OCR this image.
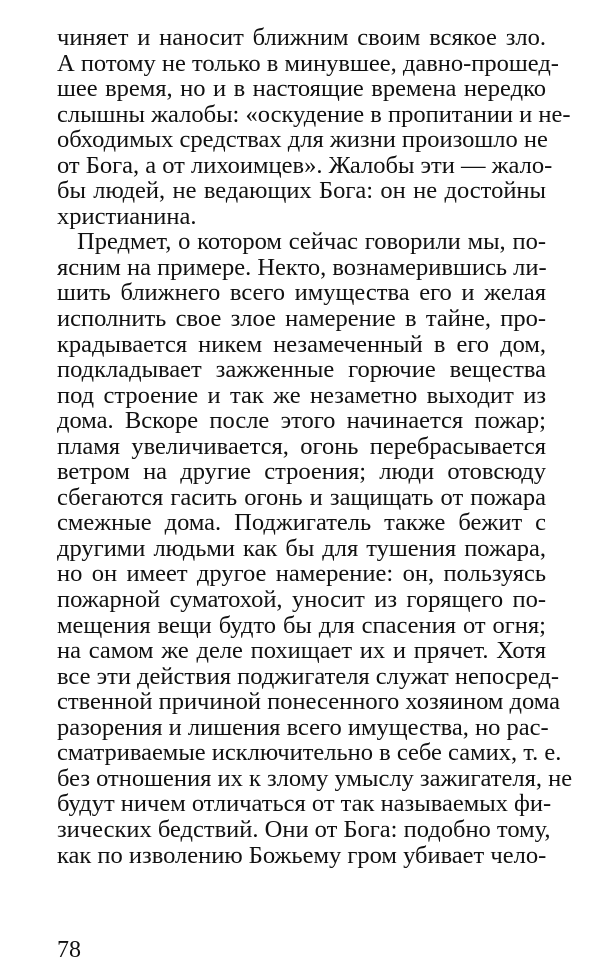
чиняет и наносит ближним своим всякое зло.
А потому не только в минувшее, давно-прошед-
шее время, но и в настоящие времена нередко
слышны жалобы: «оскудение в пропитании и не-
обходимых средствах для жизни произошло не
от Бога, а от лихоимцев». Жалобы эти — жало-
бы людей, не ведающих Бога: он не достойны
христианина.
Предмет, о котором сейчас говорили мы, по-
ясним на примере. Некто, вознамерившись ли-
шить ближнего всего имущества его и желая
исполнить свое злое намерение в тайне, про-
крадывается никем незамеченный в его дом,
подкладывает зажженные горючие вещества
под строение и так же незаметно выходит из
дома. Вскоре после этого начинается пожар;
пламя увеличивается, огонь перебрасывается
ветром на другие строения; люди отовсюду
сбегаются гасить огонь и защищать от пожара
смежные дома. Поджигатель также бежит с
другими людьми как бы для тушения пожара,
но он имеет другое намерение: он, пользуясь
пожарной суматохой, уносит из горящего по-
мещения вещи будто бы для спасения от огня;
на самом же деле похищает их и прячет. Хотя
все эти действия поджигателя служат непосред-
ственной причиной понесенного хозяином дома
разорения и лишения всего имущества, но рас-
сматриваемые исключительно в себе самих, т. е.
без отношения их к злому умыслу зажигателя, не
будут ничем отличаться от так называемых фи-
зических бедствий. Они от Бога: подобно тому,
как по изволению Божьему гром убивает чело-
78
